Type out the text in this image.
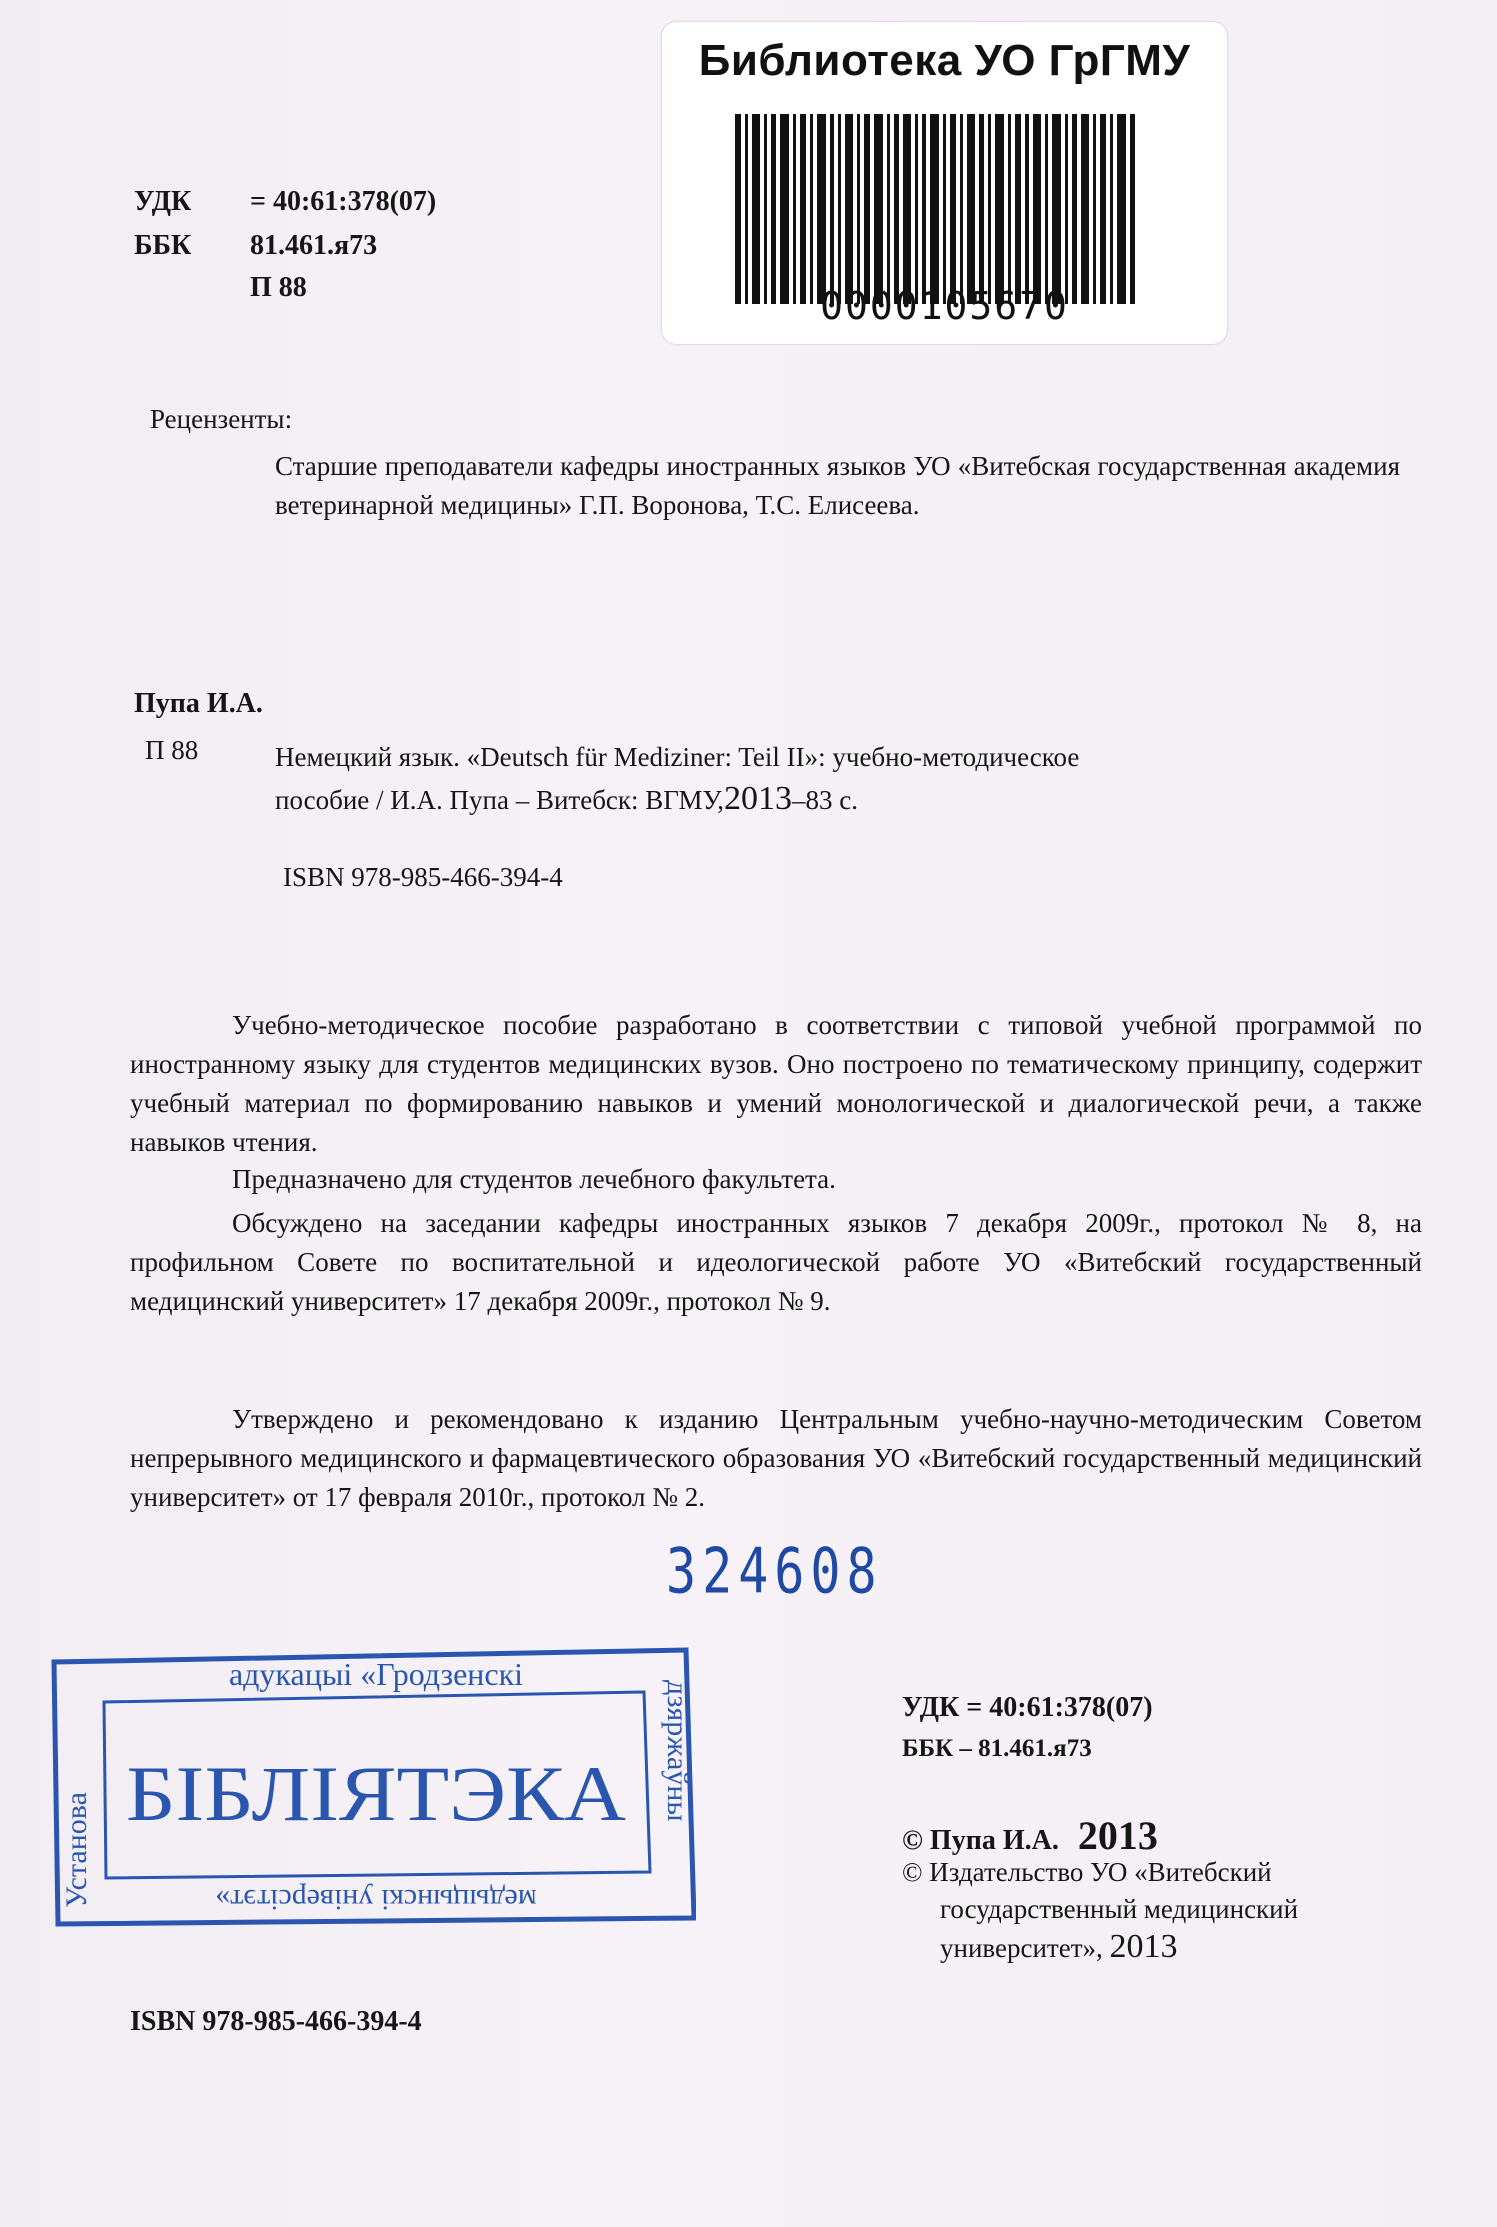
Библиотека УО ГрГМУ
0000105670
УДК = 40:61:378(07)
ББК 81.461.я73
П 88
Рецензенты:
Старшие преподаватели кафедры иностранных языков УО «Витебская государственная академия ветеринарной медицины» Г.П. Воронова, Т.С. Елисеева.
Пупа И.А.
П 88	Немецкий язык. «Deutsch für Mediziner: Teil II»: учебно-методическое
пособие / И.А. Пупа – Витебск: ВГМУ,2013–83 с.
ISBN 978-985-466-394-4
Учебно-методическое пособие разработано в соответствии с типовой учебной программой по иностранному языку для студентов медицинских вузов. Оно построено по тематическому принципу, содержит учебный материал по формированию навыков и умений монологической и диалогической речи, а также навыков чтения.
Предназначено для студентов лечебного факультета.
Обсуждено на заседании кафедры иностранных языков 7 декабря 2009г., протокол № 8, на профильном Совете по воспитательной и идеологической работе УО «Витебский государственный медицинский университет» 17 декабря 2009г., протокол № 9.
Утверждено и рекомендовано к изданию Центральным учебно-научно-методическим Советом непрерывного медицинского и фармацевтического образования УО «Витебский государственный медицинский университет» от 17 февраля 2010г., протокол № 2.
324608
адукацыі «Гродзенскі
БІБЛІЯТЭКА
Установа
дзяржаўны
медыцынскі універсітэт»
УДК = 40:61:378(07)
ББК – 81.461.я73
© Пупа И.А. 2013
© Издательство УО «Витебский
государственный медицинский
университет», 2013
ISBN 978-985-466-394-4
